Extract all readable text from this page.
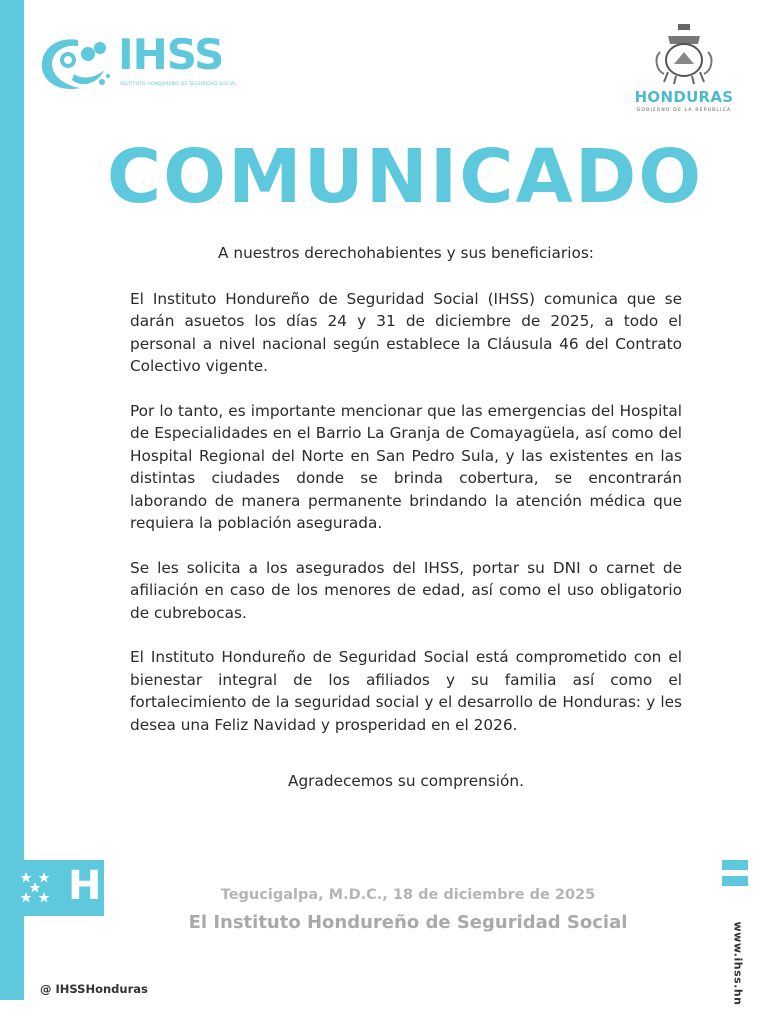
IHSS
INSTITUTO HONDUREÑO DE SEGURIDAD SOCIAL
HONDURAS
GOBIERNO DE LA REPÚBLICA
COMUNICADO

A nuestros derechohabientes y sus beneficiarios:

El Instituto Hondureño de Seguridad Social (IHSS) comunica que se darán asuetos los días 24 y 31 de diciembre de 2025, a todo el personal a nivel nacional según establece la Cláusula 46 del Contrato Colectivo vigente.

Por lo tanto, es importante mencionar que las emergencias del Hospital de Especialidades en el Barrio La Granja de Comayagüela, así como del Hospital Regional del Norte en San Pedro Sula, y las existentes en las distintas ciudades donde se brinda cobertura, se encontrarán laborando de manera permanente brindando la atención médica que requiera la población asegurada.

Se les solicita a los asegurados del IHSS, portar su DNI o carnet de afiliación en caso de los menores de edad, así como el uso obligatorio de cubrebocas.

El Instituto Hondureño de Seguridad Social está comprometido con el bienestar integral de los afiliados y su familia así como el fortalecimiento de la seguridad social y el desarrollo de Honduras: y les desea una Feliz Navidad y prosperidad en el 2026.

Agradecemos su comprensión.

H	Tegucigalpa, M.D.C., 18 de diciembre de 2025
El Instituto Hondureño de Seguridad Social
@ IHSSHonduras	www.ihss.hn
